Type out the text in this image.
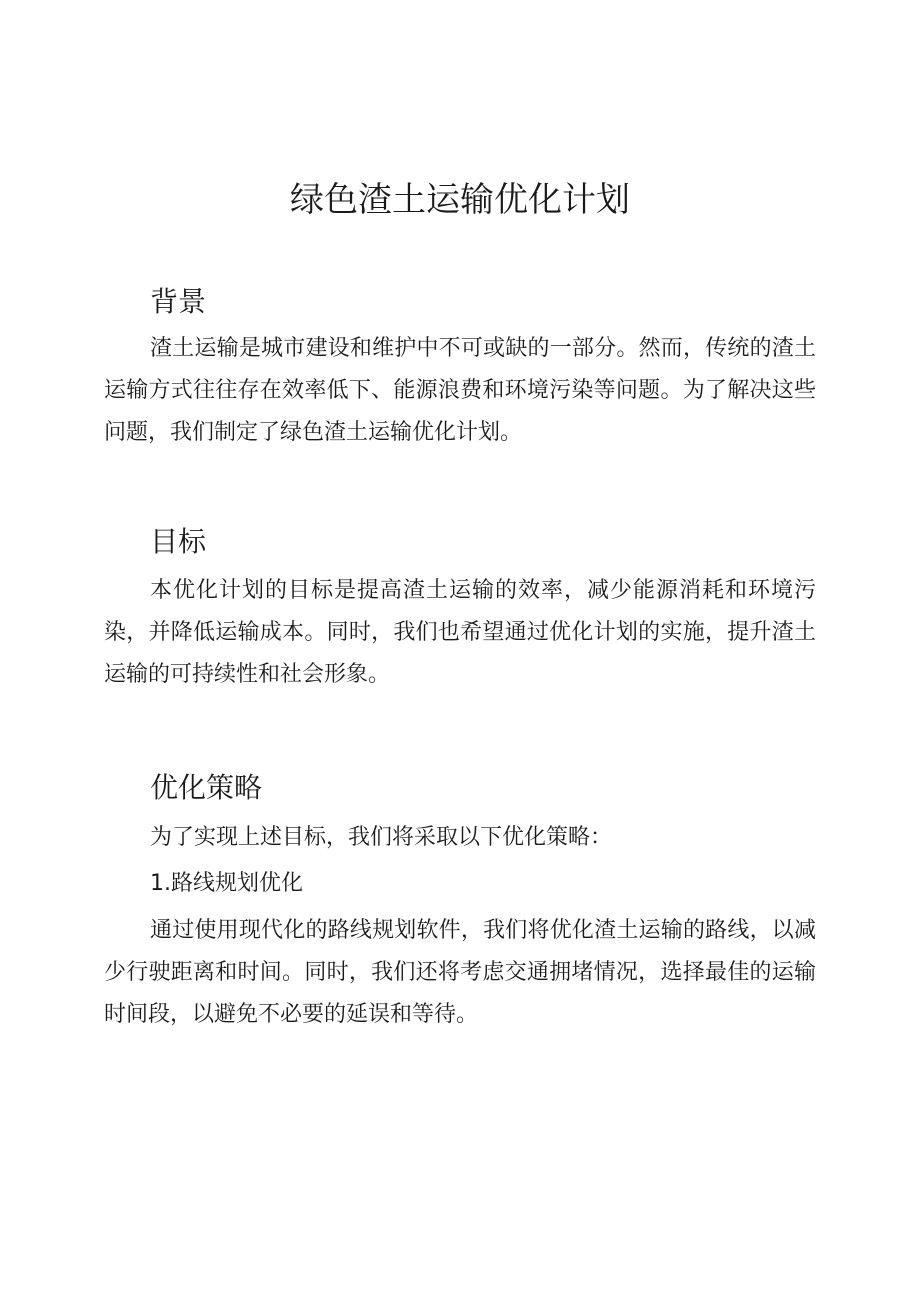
绿色渣土运输优化计划
背景

渣土运输是城市建设和维护中不可或缺的一部分。然而，传统的渣土运输方式往往存在效率低下、能源浪费和环境污染等问题。为了解决这些问题，我们制定了绿色渣土运输优化计划。

目标

本优化计划的目标是提高渣土运输的效率，减少能源消耗和环境污染，并降低运输成本。同时，我们也希望通过优化计划的实施，提升渣土运输的可持续性和社会形象。

优化策略

为了实现上述目标，我们将采取以下优化策略：

1.路线规划优化

通过使用现代化的路线规划软件，我们将优化渣土运输的路线，以减少行驶距离和时间。同时，我们还将考虑交通拥堵情况，选择最佳的运输时间段，以避免不必要的延误和等待。
